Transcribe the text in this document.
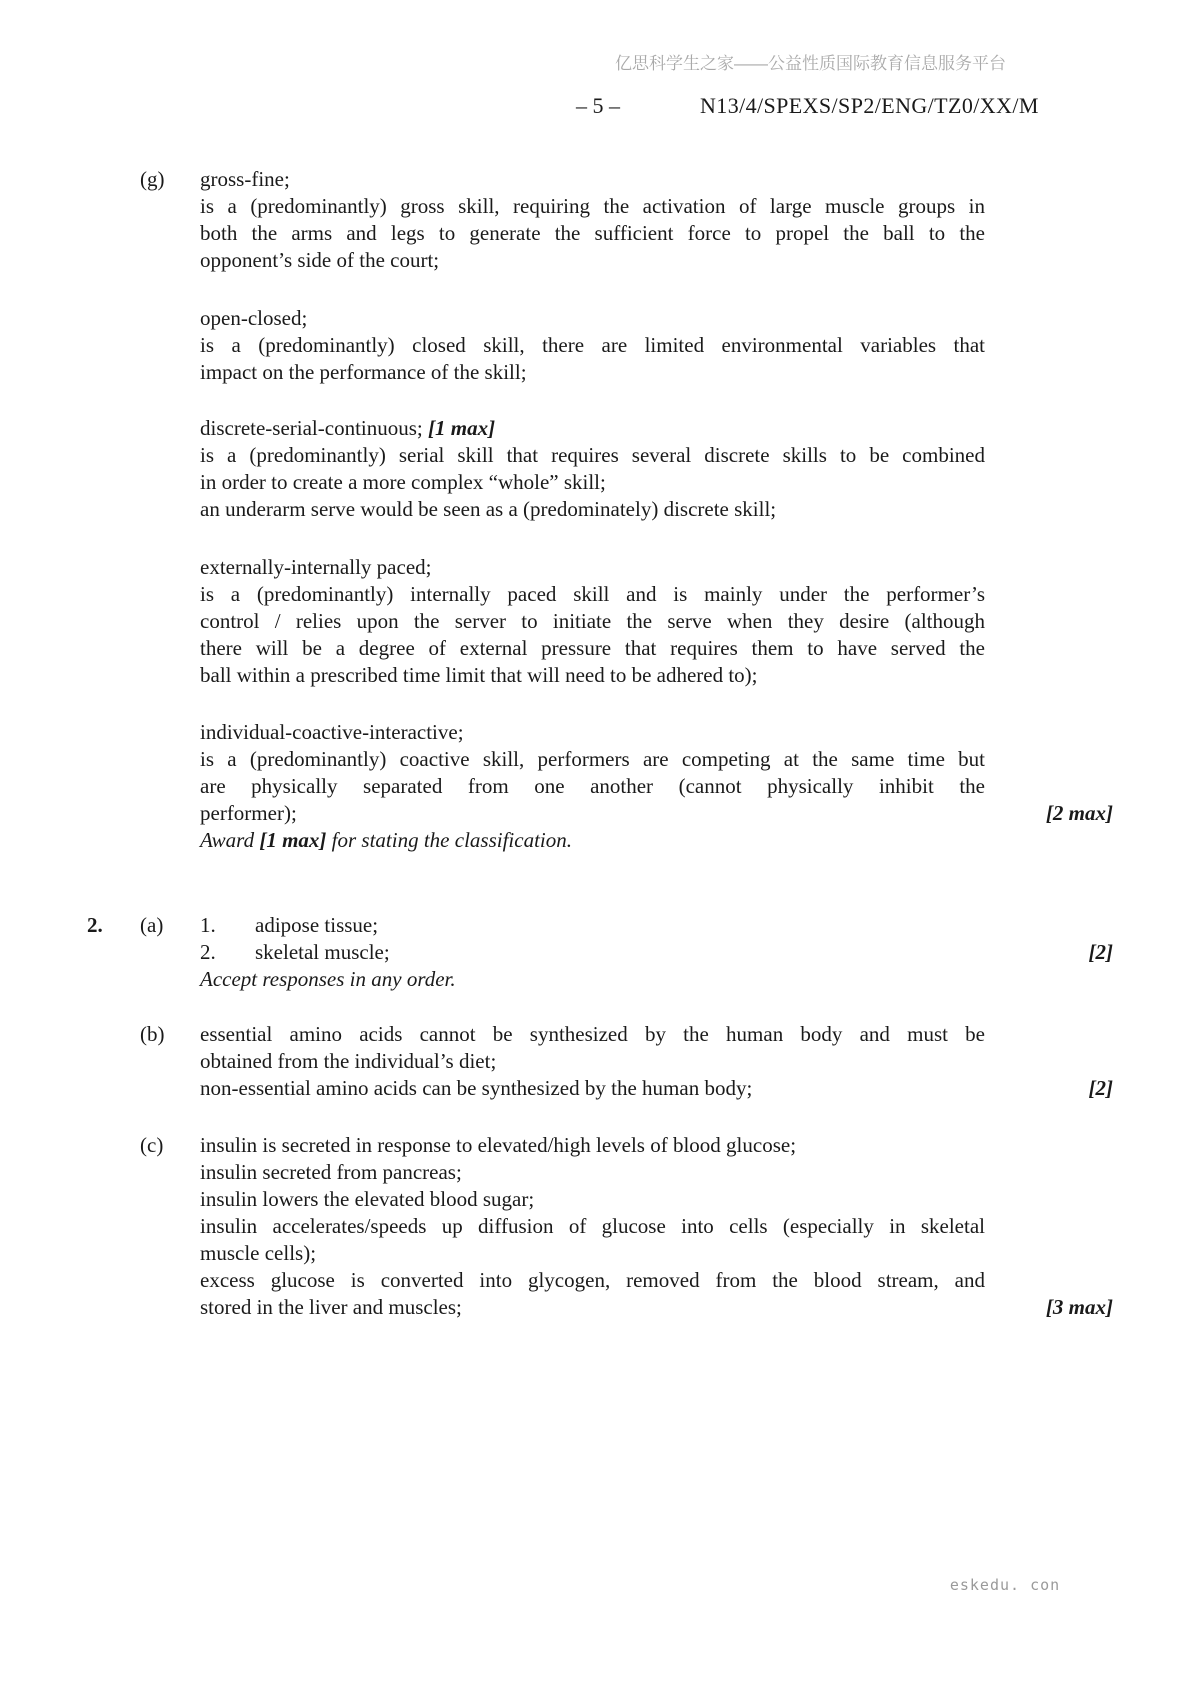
亿思科学生之家——公益性质国际教育信息服务平台
– 5 –	N13/4/SPEXS/SP2/ENG/TZ0/XX/M
(g) gross-fine;
is a (predominantly) gross skill, requiring the activation of large muscle groups in
both the arms and legs to generate the sufficient force to propel the ball to the
opponent’s side of the court;
open-closed;
is a (predominantly) closed skill, there are limited environmental variables that
impact on the performance of the skill;
discrete-serial-continuous; [1 max]
is a (predominantly) serial skill that requires several discrete skills to be combined
in order to create a more complex “whole” skill;
an underarm serve would be seen as a (predominately) discrete skill;
externally-internally paced;
is a (predominantly) internally paced skill and is mainly under the performer’s
control / relies upon the server to initiate the serve when they desire (although
there will be a degree of external pressure that requires them to have served the
ball within a prescribed time limit that will need to be adhered to);
individual-coactive-interactive;
is a (predominantly) coactive skill, performers are competing at the same time but
are physically separated from one another (cannot physically inhibit the
performer);	[2 max]
Award [1 max] for stating the classification.
2. (a) 1. adipose tissue;
2. skeletal muscle;	[2]
Accept responses in any order.
(b) essential amino acids cannot be synthesized by the human body and must be
obtained from the individual’s diet;
non-essential amino acids can be synthesized by the human body;	[2]
(c) insulin is secreted in response to elevated/high levels of blood glucose;
insulin secreted from pancreas;
insulin lowers the elevated blood sugar;
insulin accelerates/speeds up diffusion of glucose into cells (especially in skeletal
muscle cells);
excess glucose is converted into glycogen, removed from the blood stream, and
stored in the liver and muscles;	[3 max]
eskedu. con
